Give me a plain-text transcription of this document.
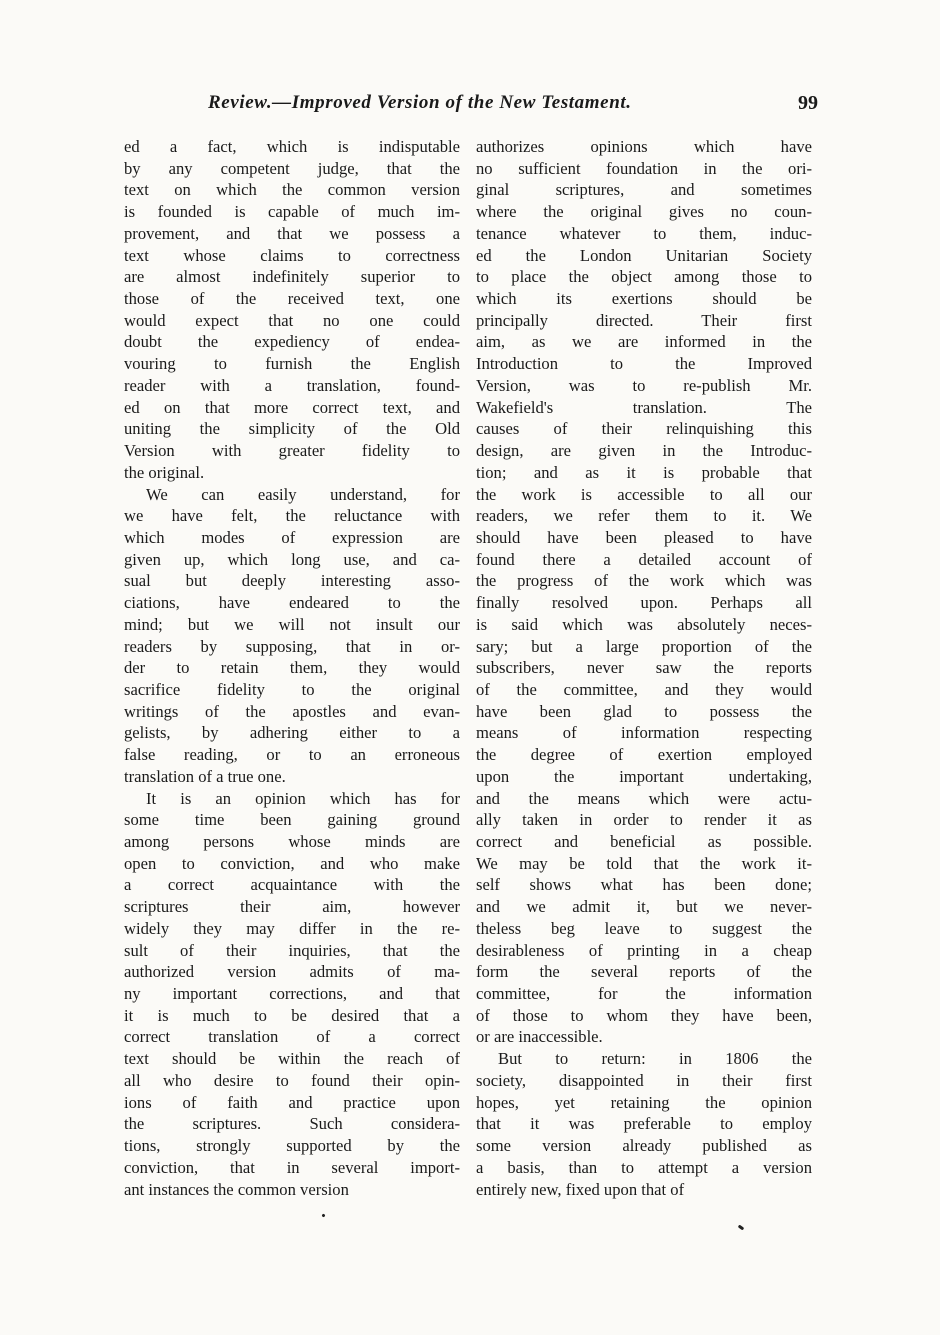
Review.—Improved Version of the New Testament.	99
ed a fact, which is indisputable
by any competent judge, that the
text on which the common version
is founded is capable of much im-
provement, and that we possess a
text whose claims to correctness
are almost indefinitely superior to
those of the received text, one
would expect that no one could
doubt the expediency of endea-
vouring to furnish the English
reader with a translation, found-
ed on that more correct text, and
uniting the simplicity of the Old
Version with greater fidelity to
the original.
We can easily understand, for
we have felt, the reluctance with
which modes of expression are
given up, which long use, and ca-
sual but deeply interesting asso-
ciations, have endeared to the
mind; but we will not insult our
readers by supposing, that in or-
der to retain them, they would
sacrifice fidelity to the original
writings of the apostles and evan-
gelists, by adhering either to a
false reading, or to an erroneous
translation of a true one.
It is an opinion which has for
some time been gaining ground
among persons whose minds are
open to conviction, and who make
a correct acquaintance with the
scriptures their aim, however
widely they may differ in the re-
sult of their inquiries, that the
authorized version admits of ma-
ny important corrections, and that
it is much to be desired that a
correct translation of a correct
text should be within the reach of
all who desire to found their opin-
ions of faith and practice upon
the scriptures. Such considera-
tions, strongly supported by the
conviction, that in several import-
ant instances the common version
authorizes opinions which have
no sufficient foundation in the ori-
ginal scriptures, and sometimes
where the original gives no coun-
tenance whatever to them, induc-
ed the London Unitarian Society
to place the object among those to
which its exertions should be
principally directed. Their first
aim, as we are informed in the
Introduction to the Improved
Version, was to re-publish Mr.
Wakefield's translation. The
causes of their relinquishing this
design, are given in the Introduc-
tion; and as it is probable that
the work is accessible to all our
readers, we refer them to it. We
should have been pleased to have
found there a detailed account of
the progress of the work which was
finally resolved upon. Perhaps all
is said which was absolutely neces-
sary; but a large proportion of the
subscribers, never saw the reports
of the committee, and they would
have been glad to possess the
means of information respecting
the degree of exertion employed
upon the important undertaking,
and the means which were actu-
ally taken in order to render it as
correct and beneficial as possible.
We may be told that the work it-
self shows what has been done;
and we admit it, but we never-
theless beg leave to suggest the
desirableness of printing in a cheap
form the several reports of the
committee, for the information
of those to whom they have been,
or are inaccessible.
But to return: in 1806 the
society, disappointed in their first
hopes, yet retaining the opinion
that it was preferable to employ
some version already published as
a basis, than to attempt a version
entirely new, fixed upon that of
